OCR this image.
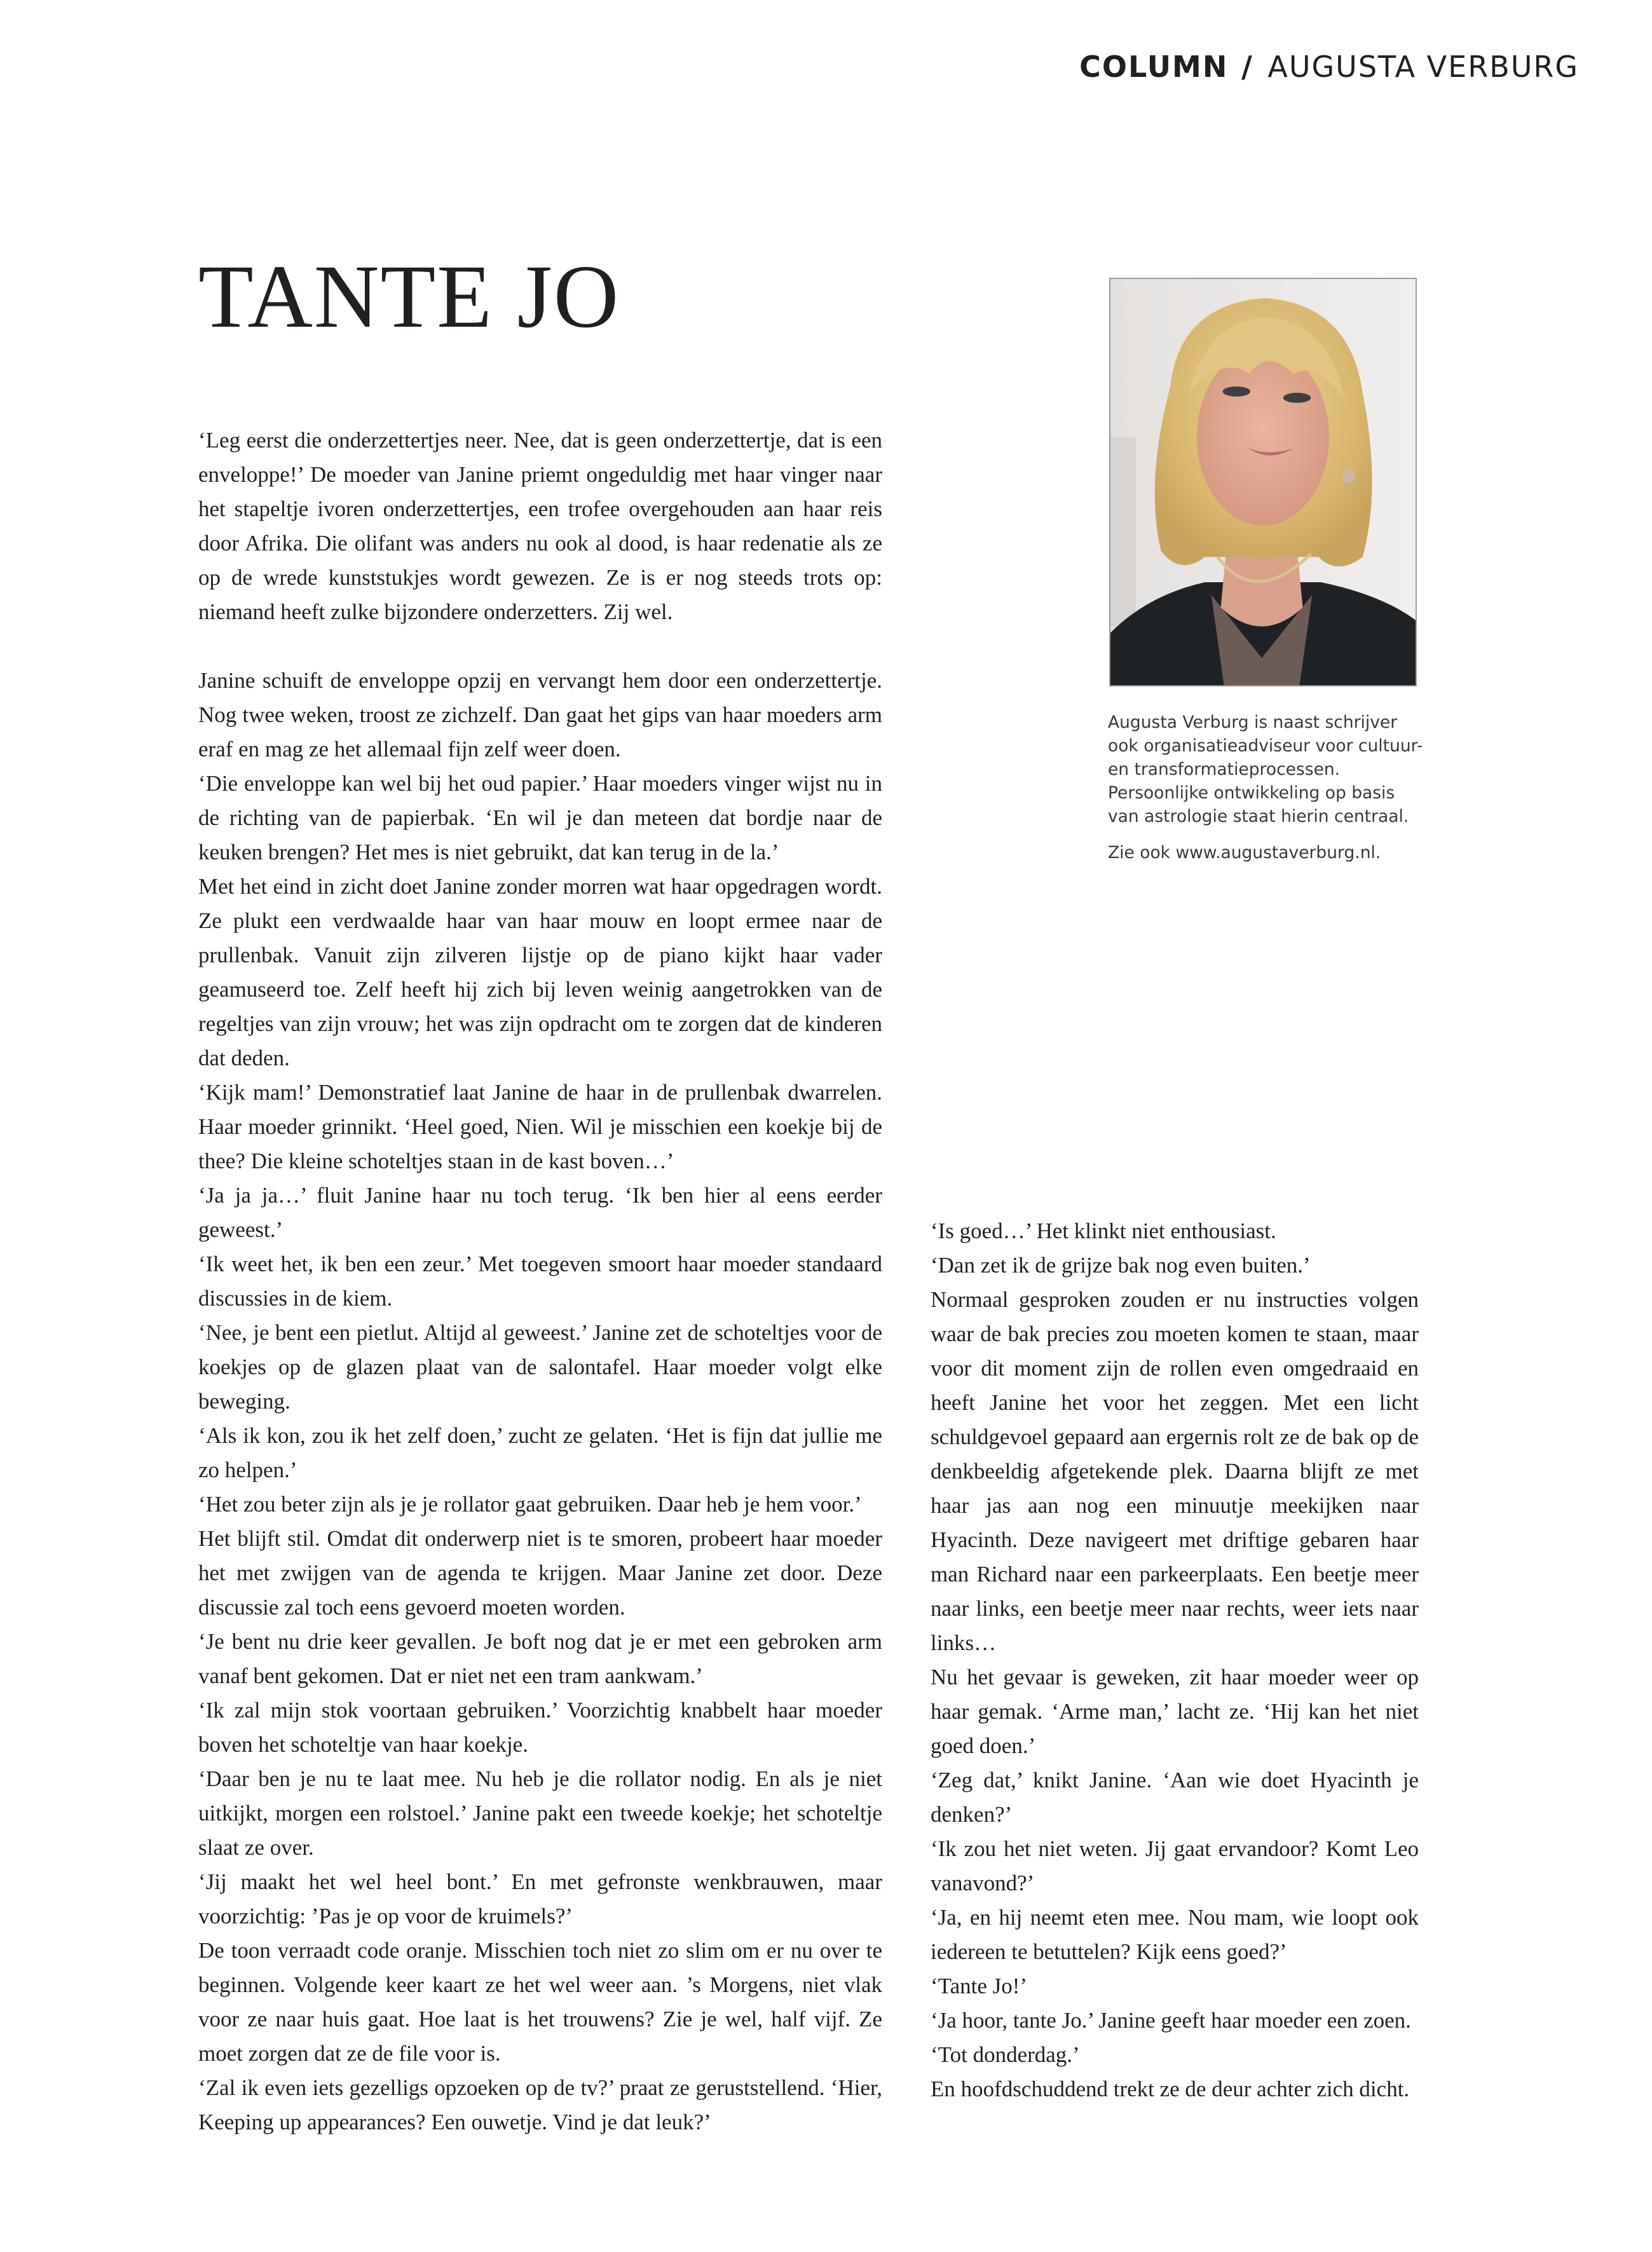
COLUMN / AUGUSTA VERBURG
TANTE JO

‘Leg eerst die onderzettertjes neer. Nee, dat is geen onderzettertje, dat is een enveloppe!’ De moeder van Janine priemt ongeduldig met haar vinger naar het stapeltje ivoren onderzettertjes, een trofee overgehouden aan haar reis door Afrika. Die olifant was anders nu ook al dood, is haar redenatie als ze op de wrede kunststukjes wordt gewezen. Ze is er nog steeds trots op: niemand heeft zulke bijzondere onderzetters. Zij wel.

Janine schuift de enveloppe opzij en vervangt hem door een onderzettertje. Nog twee weken, troost ze zichzelf. Dan gaat het gips van haar moeders arm eraf en mag ze het allemaal fijn zelf weer doen.

‘Die enveloppe kan wel bij het oud papier.’ Haar moeders vinger wijst nu in de richting van de papierbak. ‘En wil je dan meteen dat bordje naar de keuken brengen? Het mes is niet gebruikt, dat kan terug in de la.’

Met het eind in zicht doet Janine zonder morren wat haar opgedragen wordt. Ze plukt een verdwaalde haar van haar mouw en loopt ermee naar de prullenbak. Vanuit zijn zilveren lijstje op de piano kijkt haar vader geamuseerd toe. Zelf heeft hij zich bij leven weinig aangetrokken van de regeltjes van zijn vrouw; het was zijn opdracht om te zorgen dat de kinderen dat deden.

‘Kijk mam!’ Demonstratief laat Janine de haar in de prullenbak dwarrelen. Haar moeder grinnikt. ‘Heel goed, Nien. Wil je misschien een koekje bij de thee? Die kleine schoteltjes staan in de kast boven…’

‘Ja ja ja…’ fluit Janine haar nu toch terug. ‘Ik ben hier al eens eerder geweest.’

‘Ik weet het, ik ben een zeur.’ Met toegeven smoort haar moeder standaard discussies in de kiem.

‘Nee, je bent een pietlut. Altijd al geweest.’ Janine zet de schoteltjes voor de koekjes op de glazen plaat van de salontafel. Haar moeder volgt elke beweging.

‘Als ik kon, zou ik het zelf doen,’ zucht ze gelaten. ‘Het is fijn dat jullie me zo helpen.’

‘Het zou beter zijn als je je rollator gaat gebruiken. Daar heb je hem voor.’

Het blijft stil. Omdat dit onderwerp niet is te smoren, probeert haar moeder het met zwijgen van de agenda te krijgen. Maar Janine zet door. Deze discussie zal toch eens gevoerd moeten worden.

‘Je bent nu drie keer gevallen. Je boft nog dat je er met een gebroken arm vanaf bent gekomen. Dat er niet net een tram aankwam.’

‘Ik zal mijn stok voortaan gebruiken.’ Voorzichtig knabbelt haar moeder boven het schoteltje van haar koekje.

‘Daar ben je nu te laat mee. Nu heb je die rollator nodig. En als je niet uitkijkt, morgen een rolstoel.’ Janine pakt een tweede koekje; het schoteltje slaat ze over.

‘Jij maakt het wel heel bont.’ En met gefronste wenkbrauwen, maar voorzichtig: ’Pas je op voor de kruimels?’

De toon verraadt code oranje. Misschien toch niet zo slim om er nu over te beginnen. Volgende keer kaart ze het wel weer aan. ’s Morgens, niet vlak voor ze naar huis gaat. Hoe laat is het trouwens? Zie je wel, half vijf. Ze moet zorgen dat ze de file voor is.

‘Zal ik even iets gezelligs opzoeken op de tv?’ praat ze geruststellend. ‘Hier, Keeping up appearances? Een ouwetje. Vind je dat leuk?’

Augusta Verburg is naast schrijver ook organisatieadviseur voor cultuur- en transformatieprocessen. Persoonlijke ontwikkeling op basis van astrologie staat hierin centraal.

Zie ook www.augustaverburg.nl.

‘Is goed…’ Het klinkt niet enthousiast.

‘Dan zet ik de grijze bak nog even buiten.’

Normaal gesproken zouden er nu instructies volgen waar de bak precies zou moeten komen te staan, maar voor dit moment zijn de rollen even omgedraaid en heeft Janine het voor het zeggen. Met een licht schuldgevoel gepaard aan ergernis rolt ze de bak op de denkbeeldig afgetekende plek. Daarna blijft ze met haar jas aan nog een minuutje meekijken naar Hyacinth. Deze navigeert met driftige gebaren haar man Richard naar een parkeerplaats. Een beetje meer naar links, een beetje meer naar rechts, weer iets naar links…

Nu het gevaar is geweken, zit haar moeder weer op haar gemak. ‘Arme man,’ lacht ze. ‘Hij kan het niet goed doen.’

‘Zeg dat,’ knikt Janine. ‘Aan wie doet Hyacinth je denken?’

‘Ik zou het niet weten. Jij gaat ervandoor? Komt Leo vanavond?’

‘Ja, en hij neemt eten mee. Nou mam, wie loopt ook iedereen te betuttelen? Kijk eens goed?’

‘Tante Jo!’

‘Ja hoor, tante Jo.’ Janine geeft haar moeder een zoen.

‘Tot donderdag.’

En hoofdschuddend trekt ze de deur achter zich dicht.
